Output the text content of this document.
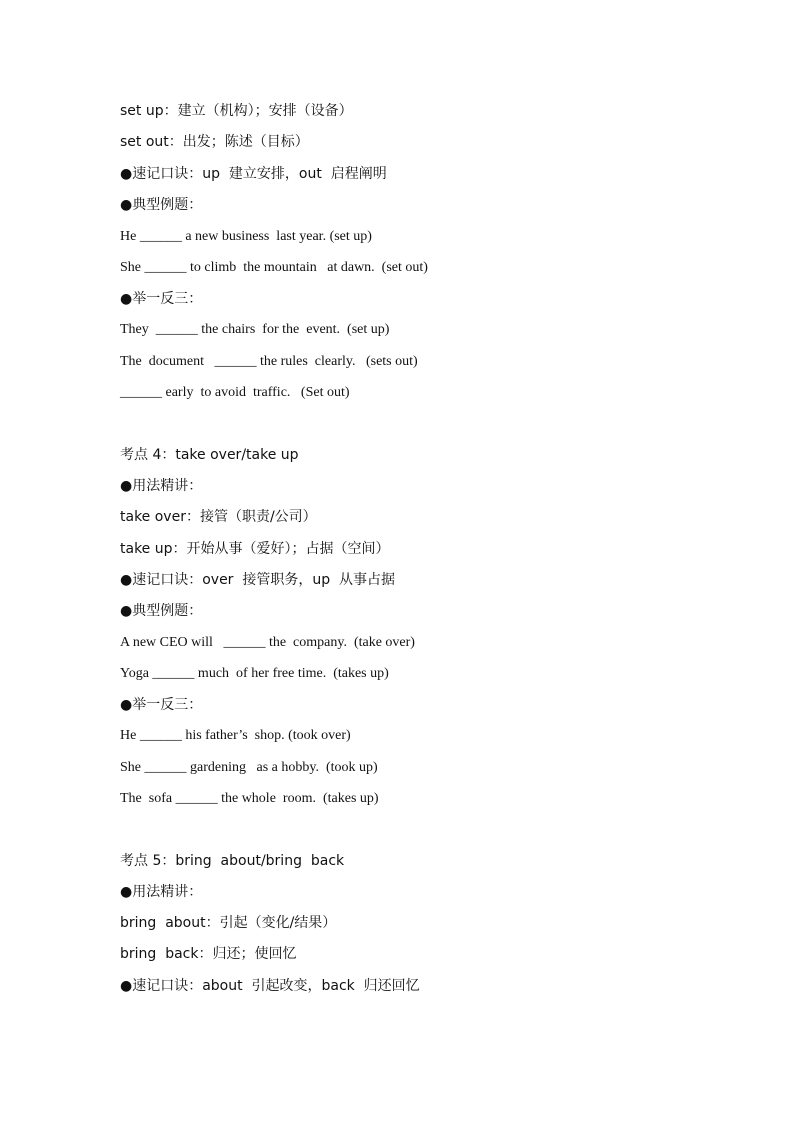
set up：建立（机构）；安排（设备）
set out：出发；陈述（目标）
●速记口诀：up  建立安排，out  启程阐明
●典型例题：
He ______ a new business  last year. (set up)
She ______ to climb  the mountain   at dawn.  (set out)
●举一反三：
They  ______ the chairs  for the  event.  (set up)
The  document   ______ the rules  clearly.   (sets out)
______ early  to avoid  traffic.   (Set out)
考点 4：take over/take up
●用法精讲：
take over：接管（职责/公司）
take up：开始从事（爱好）；占据（空间）
●速记口诀：over  接管职务，up  从事占据
●典型例题：
A new CEO will   ______ the  company.  (take over)
Yoga ______ much  of her free time.  (takes up)
●举一反三：
He ______ his father’s  shop. (took over)
She ______ gardening   as a hobby.  (took up)
The  sofa ______ the whole  room.  (takes up)
考点 5：bring  about/bring  back
●用法精讲：
bring  about：引起（变化/结果）
bring  back：归还；使回忆
●速记口诀：about  引起改变，back  归还回忆
